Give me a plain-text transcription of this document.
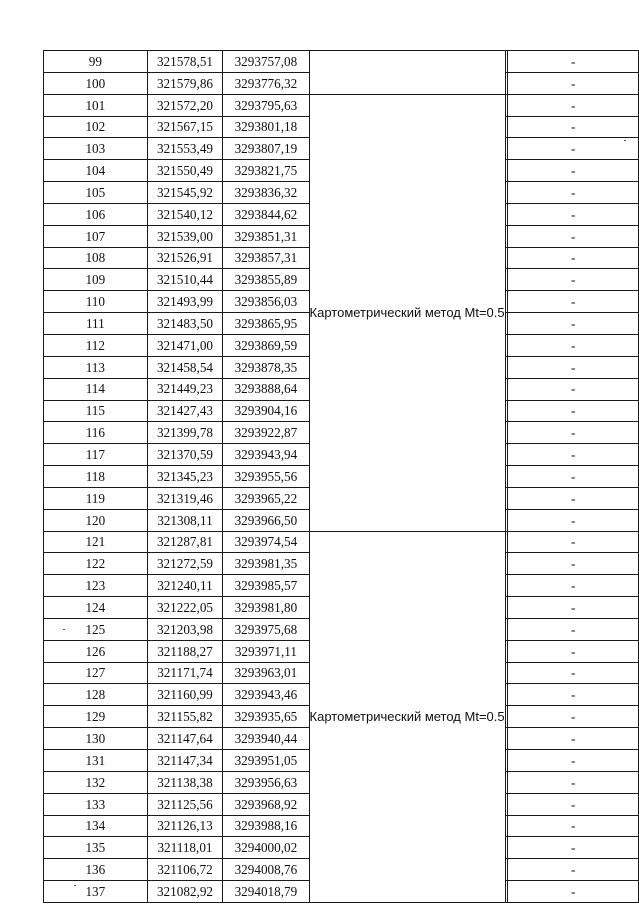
99	321578,51	3293757,08			-
100	321579,86	3293776,32			-
101	321572,20	3293795,63	Картометрический метод Mt=0.5		-
102	321567,15	3293801,18			-
103	321553,49	3293807,19			-
104	321550,49	3293821,75			-
105	321545,92	3293836,32			-
106	321540,12	3293844,62			-
107	321539,00	3293851,31			-
108	321526,91	3293857,31			-
109	321510,44	3293855,89			-
110	321493,99	3293856,03			-
111	321483,50	3293865,95			-
112	321471,00	3293869,59			-
113	321458,54	3293878,35			-
114	321449,23	3293888,64			-
115	321427,43	3293904,16			-
116	321399,78	3293922,87			-
117	321370,59	3293943,94			-
118	321345,23	3293955,56			-
119	321319,46	3293965,22			-
120	321308,11	3293966,50			-
121	321287,81	3293974,54	Картометрический метод Mt=0.5		-
122	321272,59	3293981,35			-
123	321240,11	3293985,57			-
124	321222,05	3293981,80			-
125	321203,98	3293975,68			-
126	321188,27	3293971,11			-
127	321171,74	3293963,01			-
128	321160,99	3293943,46			-
129	321155,82	3293935,65			-
130	321147,64	3293940,44			-
131	321147,34	3293951,05			-
132	321138,38	3293956,63			-
133	321125,56	3293968,92			-
134	321126,13	3293988,16			-
135	321118,01	3294000,02			-
136	321106,72	3294008,76			-
137	321082,92	3294018,79			-
